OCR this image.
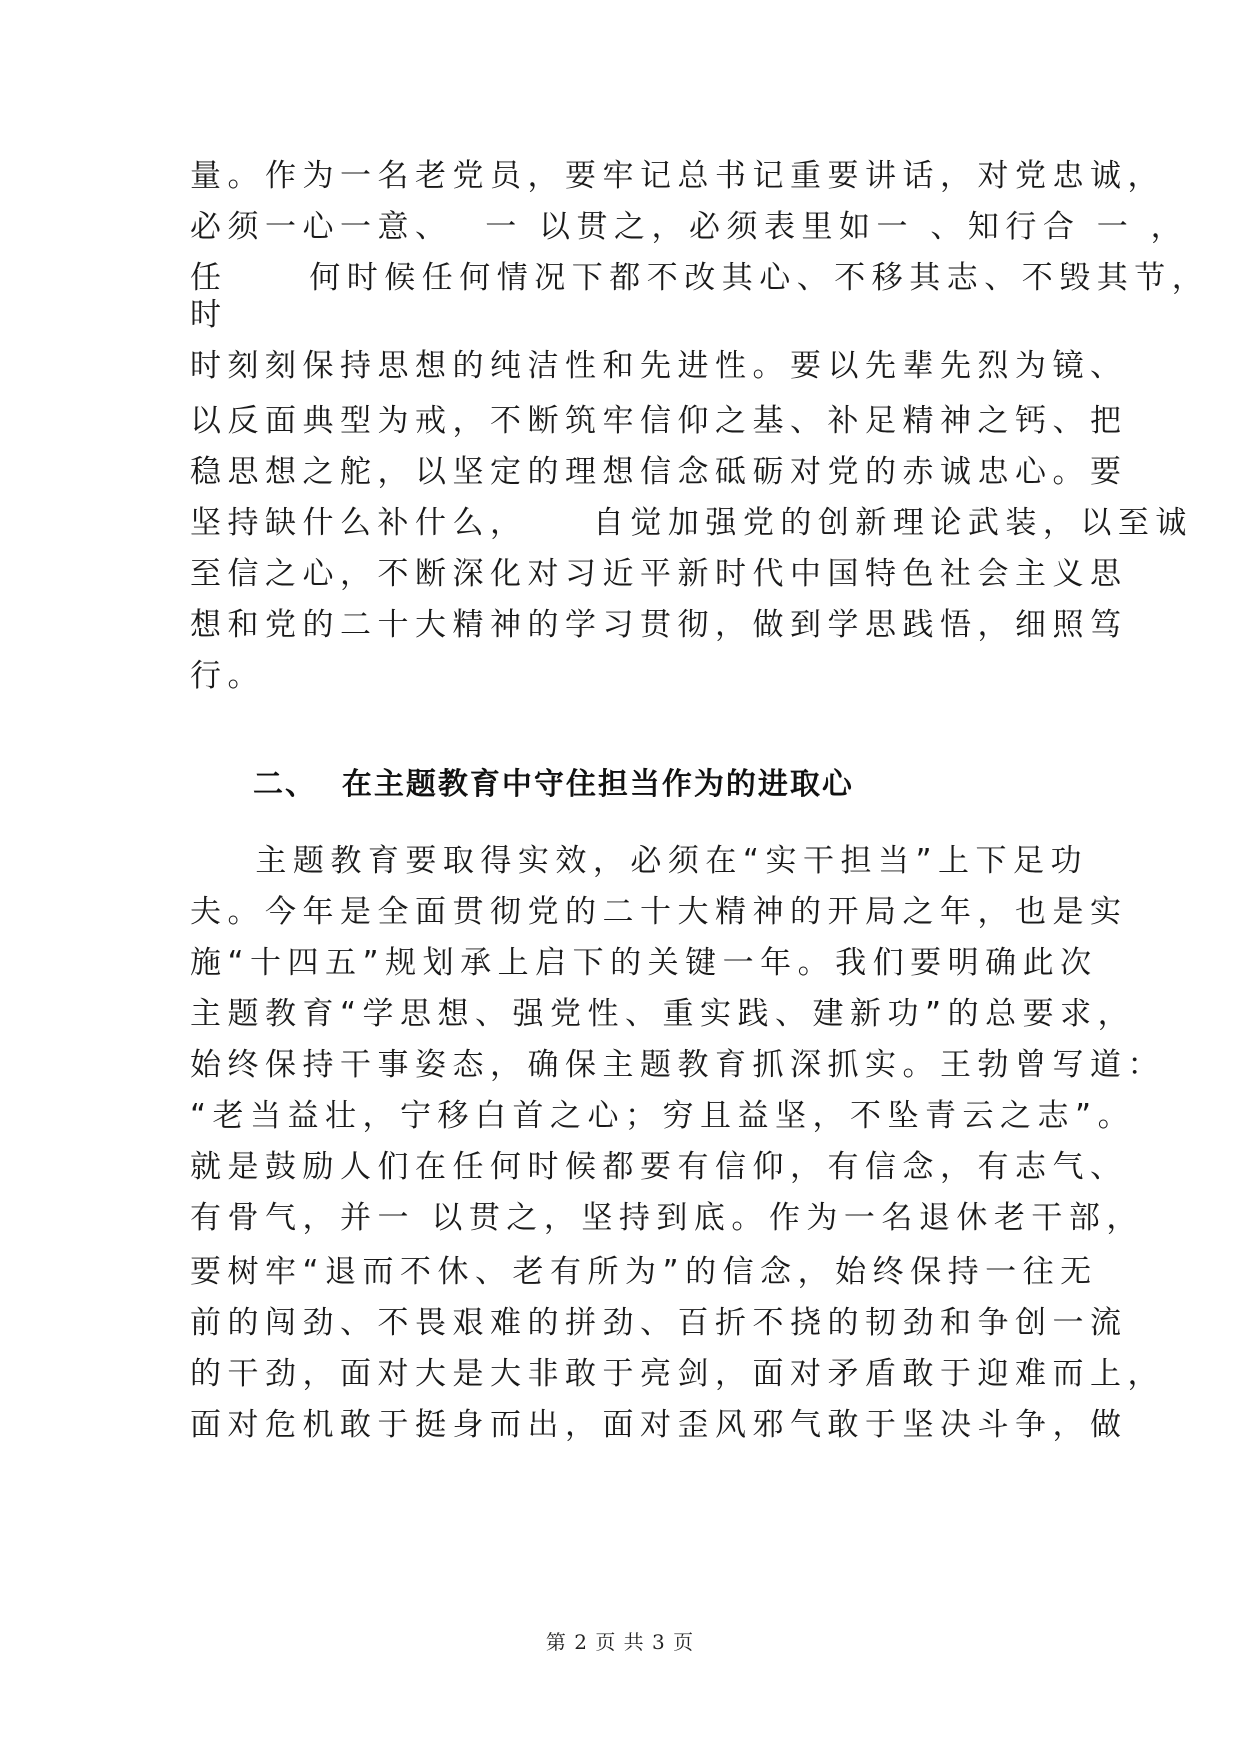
量。作为一名老党员，要牢记总书记重要讲话，对党忠诚，
必须一心一意、  一 以贯之，必须表里如一 、知行合 一 ，
任     何时候任何情况下都不改其心、不移其志、不毁其节，
时
时刻刻保持思想的纯洁性和先进性。要以先辈先烈为镜、
以反面典型为戒，不断筑牢信仰之基、补足精神之钙、把
稳思想之舵，以坚定的理想信念砥砺对党的赤诚忠心。要
坚持缺什么补什么，    自觉加强党的创新理论武装，以至诚
至信之心，不断深化对习近平新时代中国特色社会主义思
想和党的二十大精神的学习贯彻，做到学思践悟，细照笃
行。
二、  在主题教育中守住担当作为的进取心
主题教育要取得实效，必须在“实干担当”上下足功
夫。今年是全面贯彻党的二十大精神的开局之年，也是实
施“十四五”规划承上启下的关键一年。我们要明确此次
主题教育“学思想、强党性、重实践、建新功”的总要求，
始终保持干事姿态，确保主题教育抓深抓实。王勃曾写道：
“老当益壮，宁移白首之心；穷且益坚，不坠青云之志”。
就是鼓励人们在任何时候都要有信仰，有信念，有志气、
有骨气，并一 以贯之，坚持到底。作为一名退休老干部，
要树牢“退而不休、老有所为”的信念，始终保持一往无
前的闯劲、不畏艰难的拼劲、百折不挠的韧劲和争创一流
的干劲，面对大是大非敢于亮剑，面对矛盾敢于迎难而上，
面对危机敢于挺身而出，面对歪风邪气敢于坚决斗争，做
第 2 页 共 3 页
